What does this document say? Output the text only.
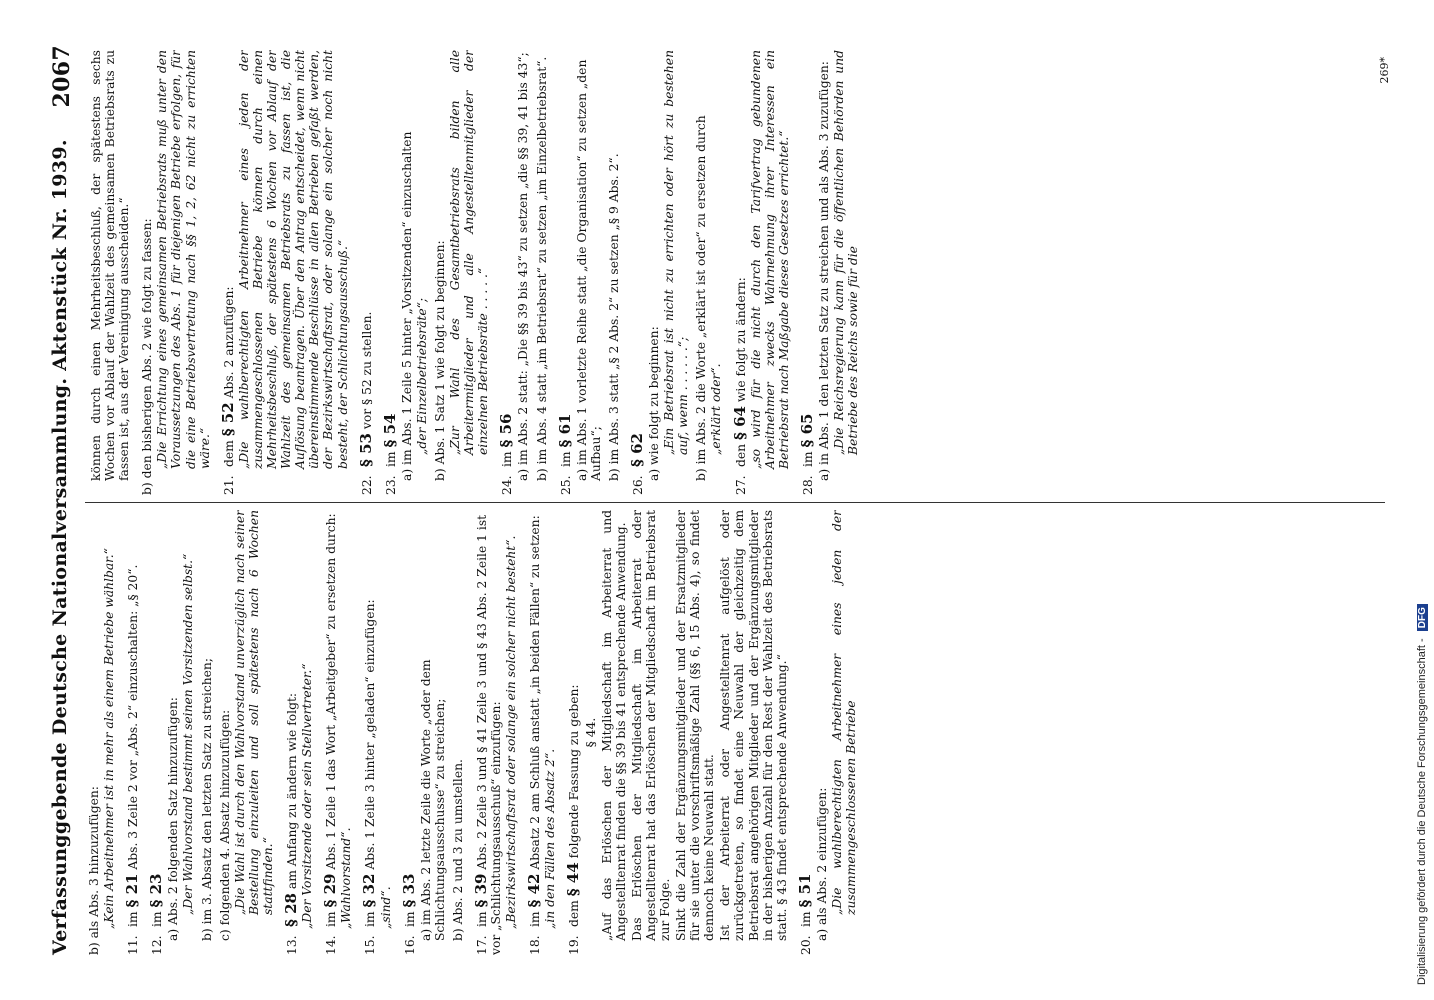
Verfassunggebende Deutsche Nationalversammlung. Aktenstück Nr. 1939.
2067
b) als Abs. 3 hinzuzufügen: „Kein Arbeitnehmer ist in mehr als einem Betriebe wählbar.“
11.im § 21 Abs. 3 Zeile 2 vor „Abs. 2“ einzuschalten: „§ 20“.
12.im § 23 a) Abs. 2 folgenden Satz hinzuzufügen: „Der Wahlvorstand bestimmt seinen Vorsitzenden selbst.“ b) im 3. Absatz den letzten Satz zu streichen; c) folgenden 4. Absatz hinzuzufügen: „Die Wahl ist durch den Wahlvorstand unverzüglich nach seiner Bestellung einzuleiten und soll spätestens nach 6 Wochen stattfinden.“
13.§ 28 am Anfang zu ändern wie folgt: „Der Vorsitzende oder sein Stellvertreter.“
14.im § 29 Abs. 1 Zeile 1 das Wort „Arbeitgeber“ zu ersetzen durch:
„Wahlvorstand“.
15.im § 32 Abs. 1 Zeile 3 hinter „geladen“ einzufügen:
„sind“.
16.im § 33 a) im Abs. 2 letzte Zeile die Worte „oder dem Schlichtungsausschusse“ zu streichen; b) Abs. 2 und 3 zu umstellen.
17.im § 39 Abs. 2 Zeile 3 und § 41 Zeile 3 und § 43 Abs. 2 Zeile 1 ist vor „Schlichtungsausschuß“ einzufügen: „Bezirkswirtschaftsrat oder solange ein solcher nicht besteht“.
18.im § 42 Absatz 2 am Schluß anstatt „in beiden Fällen“ zu setzen: „in den Fällen des Absatz 2“.
19.dem § 44 folgende Fassung zu geben: § 44. „Auf das Erlöschen der Mitgliedschaft im Arbeiterrat und Angestelltenrat finden die §§ 39 bis 41 entsprechende Anwendung. Das Erlöschen der Mitgliedschaft im Arbeiterrat oder Angestelltenrat hat das Erlöschen der Mitgliedschaft im Betriebsrat zur Folge. Sinkt die Zahl der Ergänzungsmitglieder und der Ersatzmitglieder für sie unter die vorschriftsmäßige Zahl (§§ 6, 15 Abs. 4), so findet dennoch keine Neuwahl statt. Ist der Arbeiterrat oder Angestelltenrat aufgelöst oder zurückgetreten, so findet eine Neuwahl der gleichzeitig dem Betriebsrat angehörigen Mitglieder und der Ergänzungsmitglieder in der bisherigen Anzahl für den Rest der Wahlzeit des Betriebsrats statt. § 43 findet entsprechende Anwendung.“
20.im § 51 a) als Abs. 2 einzufügen: „Die wahlberechtigten Arbeitnehmer eines jeden der zusammengeschlossenen Betriebe
können durch einen Mehrheitsbeschluß, der spätestens sechs Wochen vor Ablauf der Wahlzeit des gemeinsamen Betriebsrats zu fassen ist, aus der Vereinigung ausscheiden.“ b) den bisherigen Abs. 2 wie folgt zu fassen: „Die Errichtung eines gemeinsamen Betriebsrats muß unter den Voraussetzungen des Abs. 1 für diejenigen Betriebe erfolgen, für die eine Betriebsvertretung nach §§ 1, 2, 62 nicht zu errichten wäre.“
21.dem § 52 Abs. 2 anzufügen: „Die wahlberechtigten Arbeitnehmer eines jeden der zusammengeschlossenen Betriebe können durch einen Mehrheitsbeschluß, der spätestens 6 Wochen vor Ablauf der Wahlzeit des gemeinsamen Betriebsrats zu fassen ist, die Auflösung beantragen. Über den Antrag entscheidet, wenn nicht übereinstimmende Beschlüsse in allen Betrieben gefaßt werden, der Bezirkswirtschaftsrat, oder solange ein solcher noch nicht besteht, der Schlichtungsausschuß.“
22.§ 53 vor § 52 zu stellen.
23.im § 54 a) im Abs. 1 Zeile 5 hinter „Vorsitzenden“ einzuschalten „der Einzelbetriebsräte“; b) Abs. 1 Satz 1 wie folgt zu beginnen: „Zur Wahl des Gesamtbetriebsrats bilden alle Arbeitermitglieder und alle Angestelltenmitglieder der einzelnen Betriebsräte . . . . .“
24.im § 56 a) im Abs. 2 statt: „Die §§ 39 bis 43“ zu setzen „die §§ 39, 41 bis 43“; b) im Abs. 4 statt „im Betriebsrat“ zu setzen „im Einzelbetriebsrat“.
25.im § 61 a) im Abs. 1 vorletzte Reihe statt „die Organisation“ zu setzen „den Aufbau“; b) im Abs. 3 statt „§ 2 Abs. 2“ zu setzen „§ 9 Abs. 2“.
26.§ 62 a) wie folgt zu beginnen: „Ein Betriebsrat ist nicht zu errichten oder hört zu bestehen auf, wenn . . . . . .“; b) im Abs. 2 die Worte „erklärt ist oder“ zu ersetzen durch „erklärt oder“.
27.den § 64 wie folgt zu ändern: „so wird für die nicht durch den Tarifvertrag gebundenen Arbeitnehmer zwecks Wahrnehmung ihrer Interessen ein Betriebsrat nach Maßgabe dieses Gesetzes errichtet.“
28.im § 65 a) in Abs. 1 den letzten Satz zu streichen und als Abs. 3 zuzufügen: „Die Reichsregierung kann für die öffentlichen Behörden und Betriebe des Reichs sowie für die
269*
Digitalisierung gefördert durch die Deutsche Forschungsgemeinschaft - DFG
